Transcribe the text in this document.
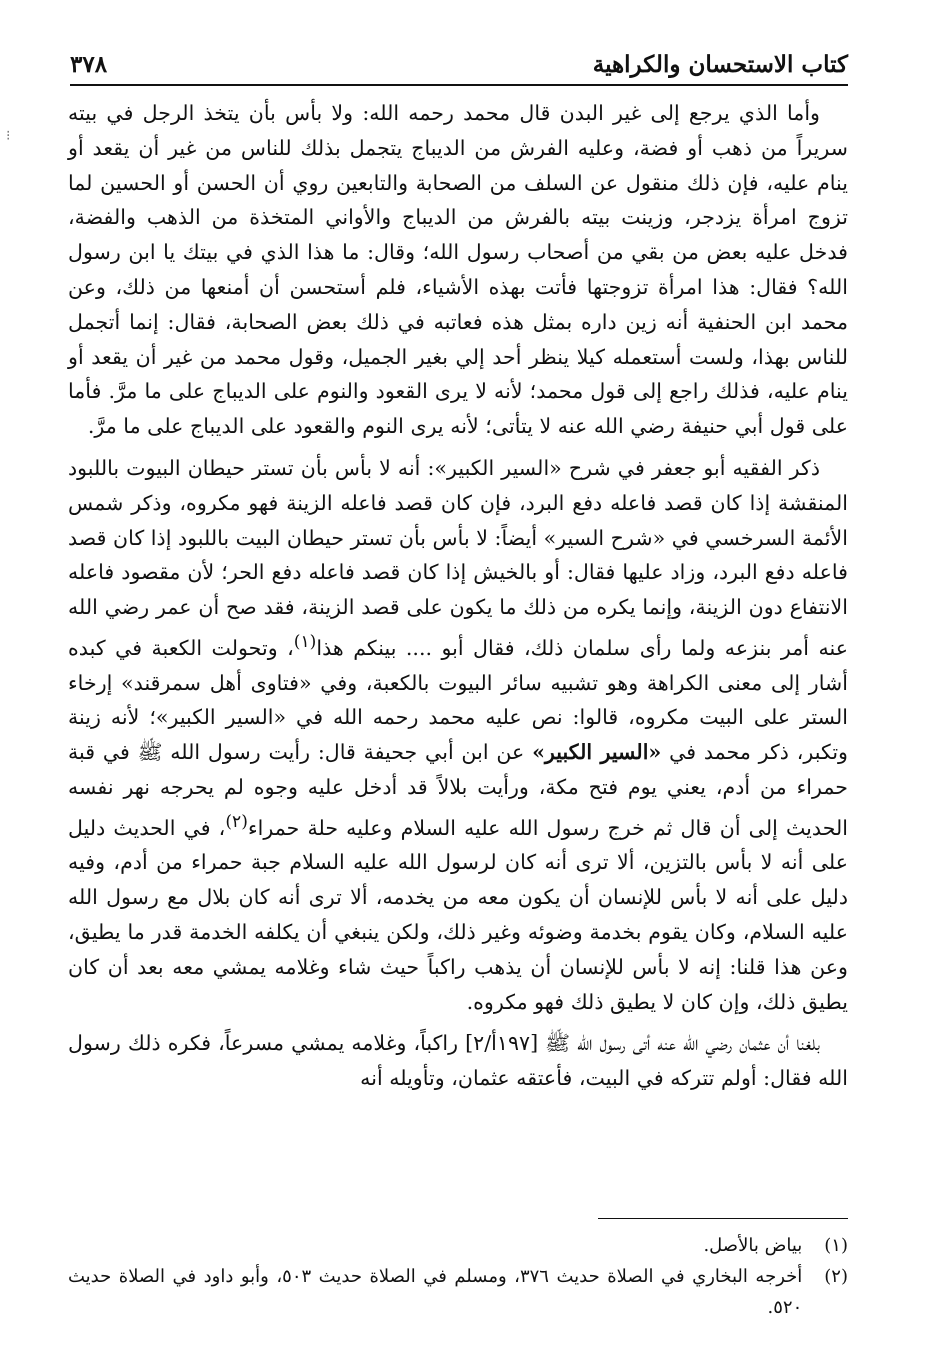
كتاب الاستحسان والكراهية
٣٧٨
⁝

وأما الذي يرجع إلى غير البدن قال محمد رحمه الله: ولا بأس بأن يتخذ الرجل في بيته سريراً من ذهب أو فضة، وعليه الفرش من الديباج يتجمل بذلك للناس من غير أن يقعد أو ينام عليه، فإن ذلك منقول عن السلف من الصحابة والتابعين روي أن الحسن أو الحسين لما تزوج امرأة يزدجر، وزينت بيته بالفرش من الديباج والأواني المتخذة من الذهب والفضة، فدخل عليه بعض من بقي من أصحاب رسول الله؛ وقال: ما هذا الذي في بيتك يا ابن رسول الله؟ فقال: هذا امرأة تزوجتها فأتت بهذه الأشياء، فلم أستحسن أن أمنعها من ذلك، وعن محمد ابن الحنفية أنه زين داره بمثل هذه فعاتبه في ذلك بعض الصحابة، فقال: إنما أتجمل للناس بهذا، ولست أستعمله كيلا ينظر أحد إلي بغير الجميل، وقول محمد من غير أن يقعد أو ينام عليه، فذلك راجع إلى قول محمد؛ لأنه لا يرى القعود والنوم على الديباج على ما مرَّ. فأما على قول أبي حنيفة رضي الله عنه لا يتأتى؛ لأنه يرى النوم والقعود على الديباج على ما مرَّ.

ذكر الفقيه أبو جعفر في شرح «السير الكبير»: أنه لا بأس بأن تستر حيطان البيوت باللبود المنقشة إذا كان قصد فاعله دفع البرد، فإن كان قصد فاعله الزينة فهو مكروه، وذكر شمس الأئمة السرخسي في «شرح السير» أيضاً: لا بأس بأن تستر حيطان البيت باللبود إذا كان قصد فاعله دفع البرد، وزاد عليها فقال: أو بالخيش إذا كان قصد فاعله دفع الحر؛ لأن مقصود فاعله الانتفاع دون الزينة، وإنما يكره من ذلك ما يكون على قصد الزينة، فقد صح أن عمر رضي الله عنه أمر بنزعه ولما رأى سلمان ذلك، فقال أبو .... بينكم هذا$^{(١)}$، وتحولت الكعبة في كبده أشار إلى معنى الكراهة وهو تشبيه سائر البيوت بالكعبة، وفي «فتاوى أهل سمرقند» إرخاء الستر على البيت مكروه، قالوا: نص عليه محمد رحمه الله في «السير الكبير»؛ لأنه زينة وتكبر، ذكر محمد في «السير الكبير» عن ابن أبي جحيفة قال: رأيت رسول الله ﷺ في قبة حمراء من أدم، يعني يوم فتح مكة، ورأيت بلالاً قد أدخل عليه وجوه لم يحرجه نهر نفسه الحديث إلى أن قال ثم خرج رسول الله عليه السلام وعليه حلة حمراء$^{(٢)}$، في الحديث دليل على أنه لا بأس بالتزين، ألا ترى أنه كان لرسول الله عليه السلام جبة حمراء من أدم، وفيه دليل على أنه لا بأس للإنسان أن يكون معه من يخدمه، ألا ترى أنه كان بلال مع رسول الله عليه السلام، وكان يقوم بخدمة وضوئه وغير ذلك، ولكن ينبغي أن يكلفه الخدمة قدر ما يطيق، وعن هذا قلنا: إنه لا بأس للإنسان أن يذهب راكباً حيث شاء وغلامه يمشي معه بعد أن كان يطيق ذلك، وإن كان لا يطيق ذلك فهو مكروه.

بلغنا أن عثمان رضي الله عنه أتى رسول الله ﷺ [١٩٧أ/٢] راكباً، وغلامه يمشي مسرعاً، فكره ذلك رسول الله فقال: أولم تتركه في البيت، فأعتقه عثمان، وتأويله أنه

(١)
بياض بالأصل.
(٢)
أخرجه البخاري في الصلاة حديث ٣٧٦، ومسلم في الصلاة حديث ٥٠٣، وأبو داود في الصلاة حديث ٥٢٠.
